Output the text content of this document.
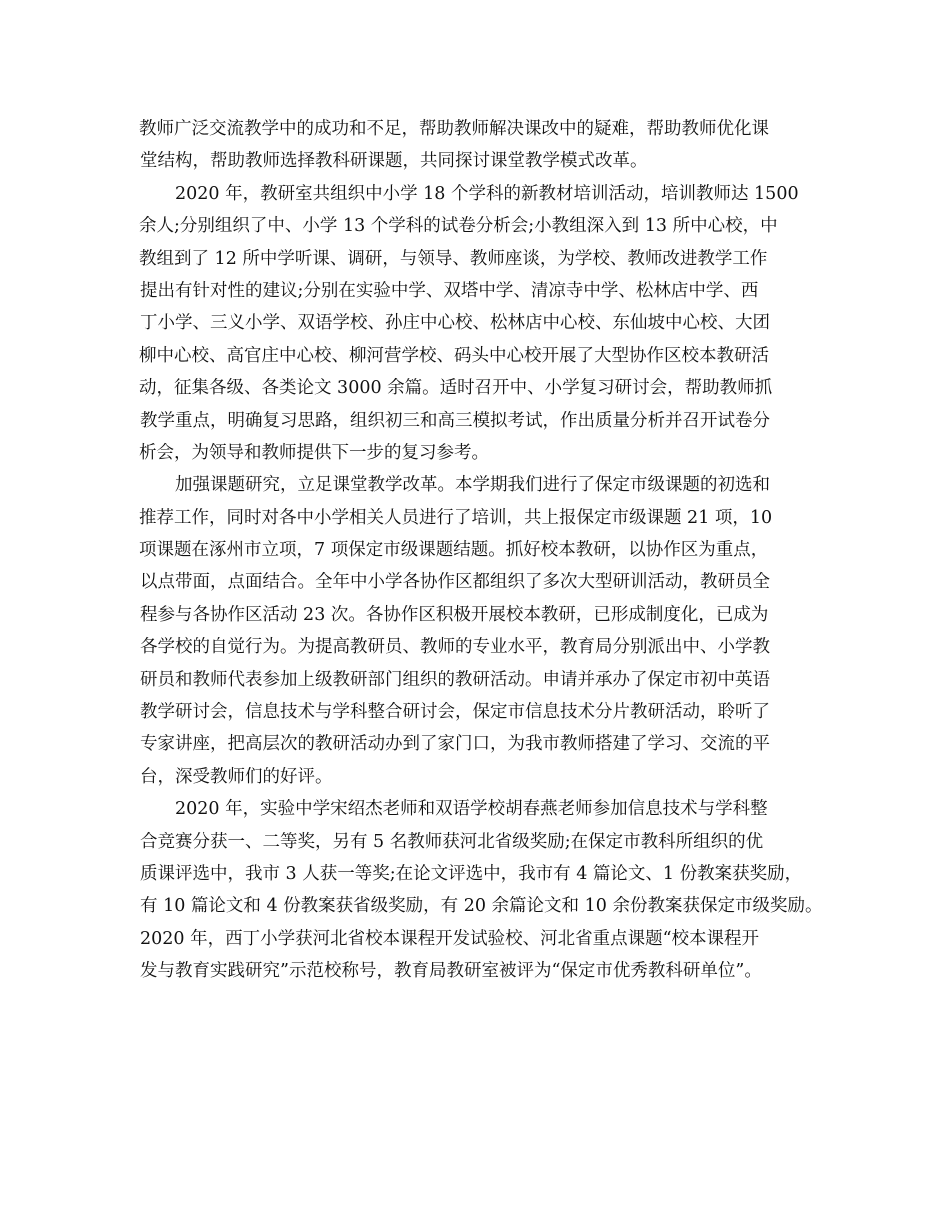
教师广泛交流教学中的成功和不足，帮助教师解决课改中的疑难，帮助教师优化课
堂结构，帮助教师选择教科研课题，共同探讨课堂教学模式改革。
2020 年，教研室共组织中小学 18 个学科的新教材培训活动，培训教师达 1500
余人;分别组织了中、小学 13 个学科的试卷分析会;小教组深入到 13 所中心校，中
教组到了 12 所中学听课、调研，与领导、教师座谈，为学校、教师改进教学工作
提出有针对性的建议;分别在实验中学、双塔中学、清凉寺中学、松林店中学、西
丁小学、三义小学、双语学校、孙庄中心校、松林店中心校、东仙坡中心校、大团
柳中心校、高官庄中心校、柳河营学校、码头中心校开展了大型协作区校本教研活
动，征集各级、各类论文 3000 余篇。适时召开中、小学复习研讨会，帮助教师抓
教学重点，明确复习思路，组织初三和高三模拟考试，作出质量分析并召开试卷分
析会，为领导和教师提供下一步的复习参考。
加强课题研究，立足课堂教学改革。本学期我们进行了保定市级课题的初选和
推荐工作，同时对各中小学相关人员进行了培训，共上报保定市级课题 21 项，10
项课题在涿州市立项，7 项保定市级课题结题。抓好校本教研，以协作区为重点，
以点带面，点面结合。全年中小学各协作区都组织了多次大型研训活动，教研员全
程参与各协作区活动 23 次。各协作区积极开展校本教研，已形成制度化，已成为
各学校的自觉行为。为提高教研员、教师的专业水平，教育局分别派出中、小学教
研员和教师代表参加上级教研部门组织的教研活动。申请并承办了保定市初中英语
教学研讨会，信息技术与学科整合研讨会，保定市信息技术分片教研活动，聆听了
专家讲座，把高层次的教研活动办到了家门口，为我市教师搭建了学习、交流的平
台，深受教师们的好评。
2020 年，实验中学宋绍杰老师和双语学校胡春燕老师参加信息技术与学科整
合竞赛分获一、二等奖，另有 5 名教师获河北省级奖励;在保定市教科所组织的优
质课评选中，我市 3 人获一等奖;在论文评选中，我市有 4 篇论文、1 份教案获奖励，
有 10 篇论文和 4 份教案获省级奖励，有 20 余篇论文和 10 余份教案获保定市级奖励。
2020 年，西丁小学获河北省校本课程开发试验校、河北省重点课题“校本课程开
发与教育实践研究”示范校称号，教育局教研室被评为“保定市优秀教科研单位”。
